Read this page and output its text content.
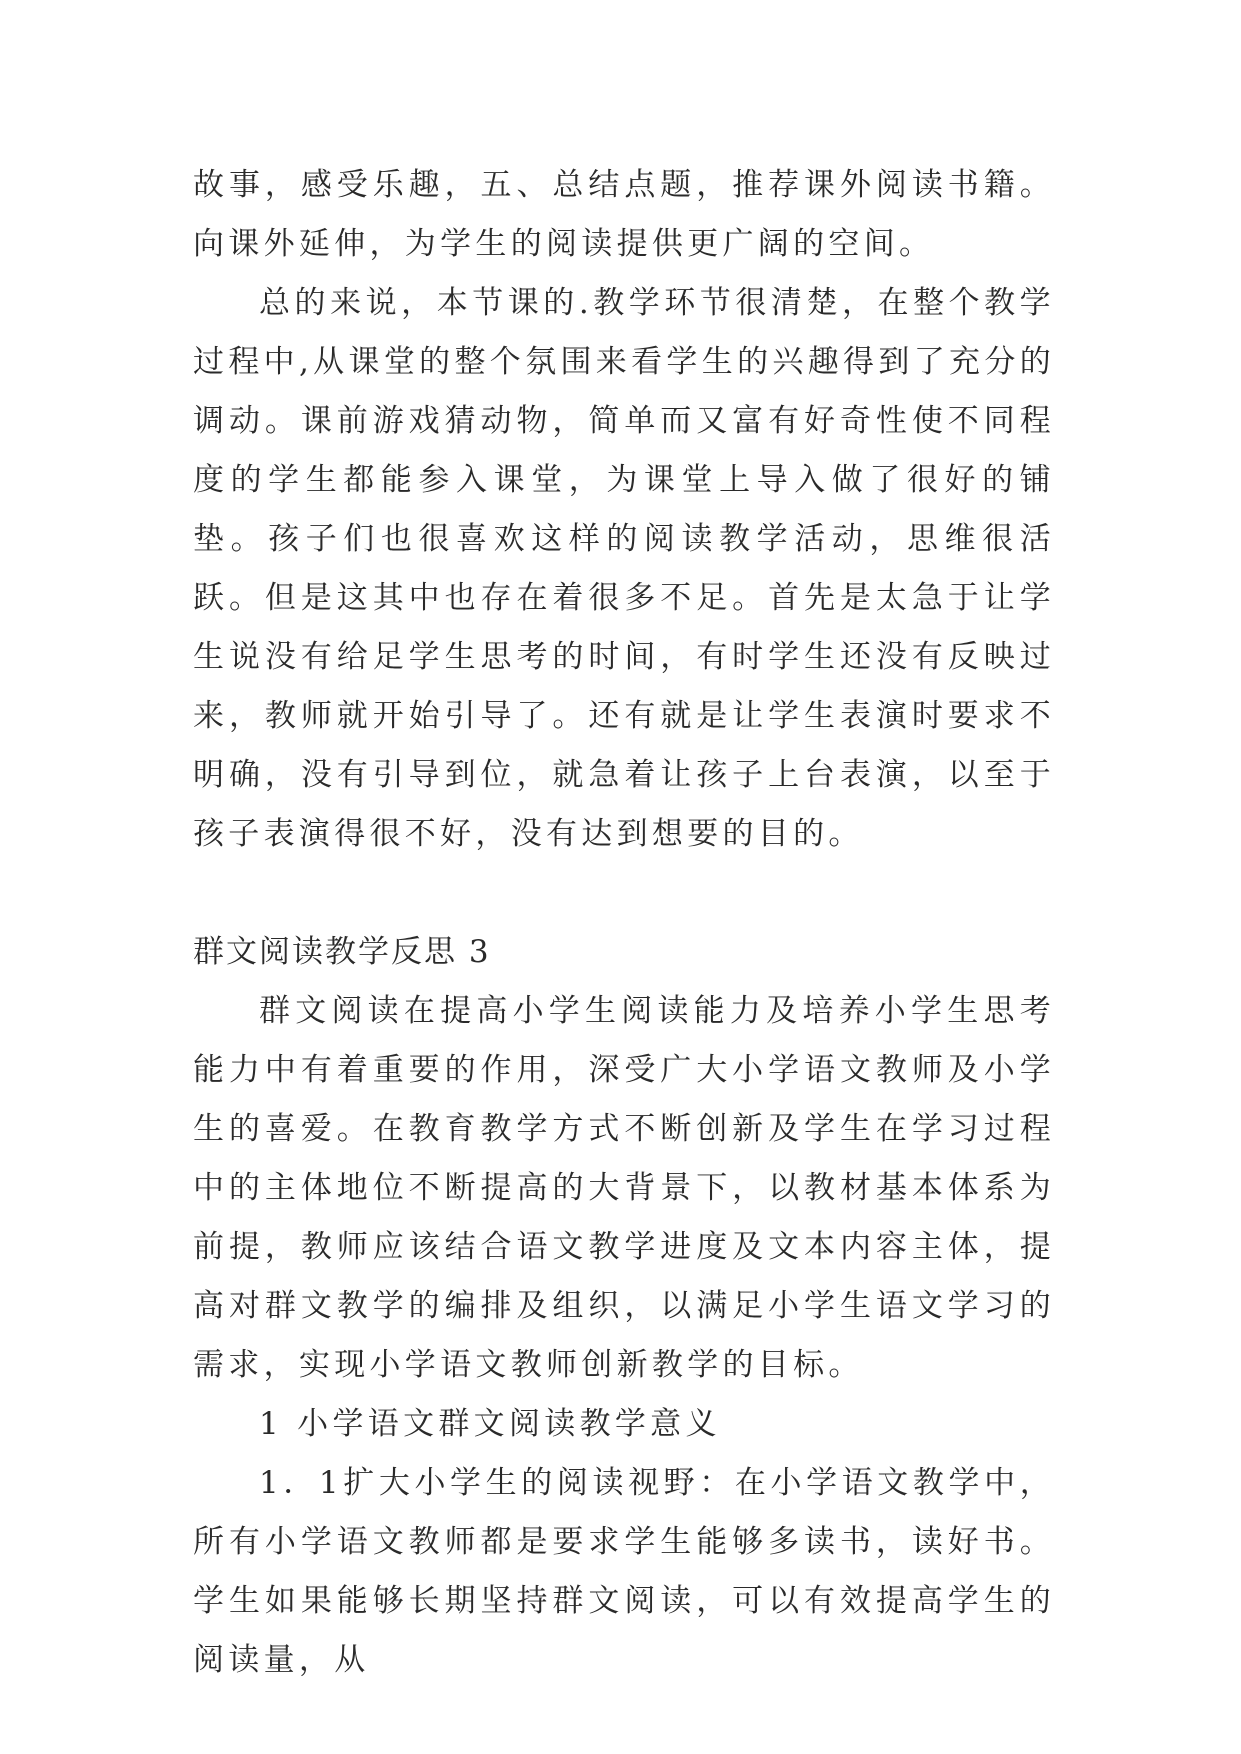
故事，感受乐趣，五、总结点题，推荐课外阅读书籍。向课外延伸，为学生的阅读提供更广阔的空间。

总的来说，本节课的.教学环节很清楚，在整个教学过程中,从课堂的整个氛围来看学生的兴趣得到了充分的调动。课前游戏猜动物，简单而又富有好奇性使不同程度的学生都能参入课堂，为课堂上导入做了很好的铺垫。孩子们也很喜欢这样的阅读教学活动，思维很活跃。但是这其中也存在着很多不足。首先是太急于让学生说没有给足学生思考的时间，有时学生还没有反映过来，教师就开始引导了。还有就是让学生表演时要求不明确，没有引导到位，就急着让孩子上台表演，以至于孩子表演得很不好，没有达到想要的目的。

群文阅读教学反思 3

群文阅读在提高小学生阅读能力及培养小学生思考能力中有着重要的作用，深受广大小学语文教师及小学生的喜爱。在教育教学方式不断创新及学生在学习过程中的主体地位不断提高的大背景下，以教材基本体系为前提，教师应该结合语文教学进度及文本内容主体，提高对群文教学的编排及组织，以满足小学生语文学习的需求，实现小学语文教师创新教学的目标。

1 小学语文群文阅读教学意义

1．1扩大小学生的阅读视野：在小学语文教学中，所有小学语文教师都是要求学生能够多读书，读好书。学生如果能够长期坚持群文阅读，可以有效提高学生的阅读量，从
